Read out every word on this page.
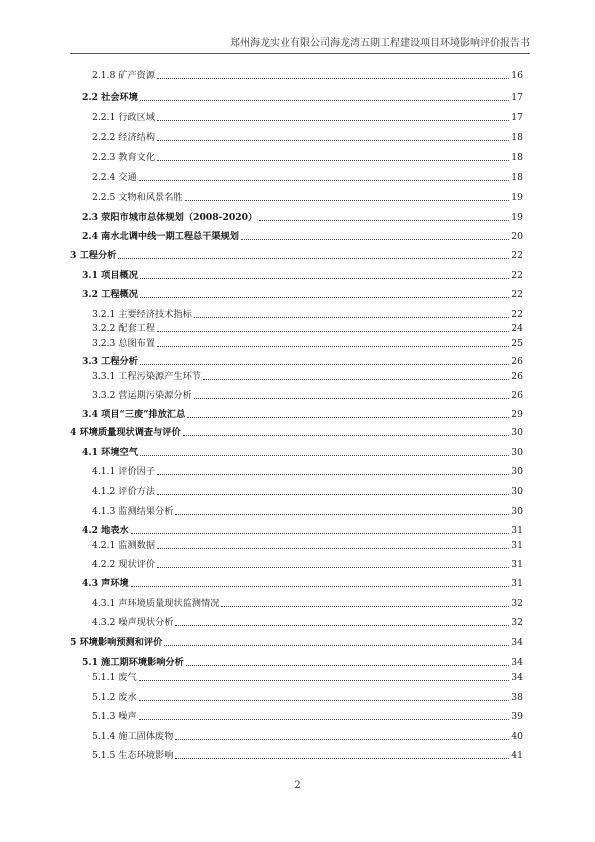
郑州海龙实业有限公司海龙湾五期工程建设项目环境影响评价报告书
2.1.8 矿产资源	16
2.2 社会环境	17
2.2.1 行政区域	17
2.2.2 经济结构	18
2.2.3 教育文化	18
2.2.4 交通	18
2.2.5 文物和风景名胜	19
2.3 荥阳市城市总体规划（2008-2020）	19
2.4 南水北调中线一期工程总干渠规划	20
3 工程分析	22
3.1 项目概况	22
3.2 工程概况	22
3.2.1 主要经济技术指标	22
3.2.2 配套工程	24
3.2.3 总图布置	25
3.3 工程分析	26
3.3.1 工程污染源产生环节	26
3.3.2 营运期污染源分析	26
3.4 项目“三废”排放汇总	29
4 环境质量现状调查与评价	30
4.1 环境空气	30
4.1.1 评价因子	30
4.1.2 评价方法	30
4.1.3 监测结果分析	30
4.2 地表水	31
4.2.1 监测数据	31
4.2.2 现状评价	31
4.3 声环境	31
4.3.1 声环境质量现状监测情况	32
4.3.2 噪声现状分析	32
5 环境影响预测和评价	34
5.1 施工期环境影响分析	34
5.1.1 废气	34
5.1.2 废水	38
5.1.3 噪声	39
5.1.4 施工固体废物	40
5.1.5 生态环境影响	41
2
